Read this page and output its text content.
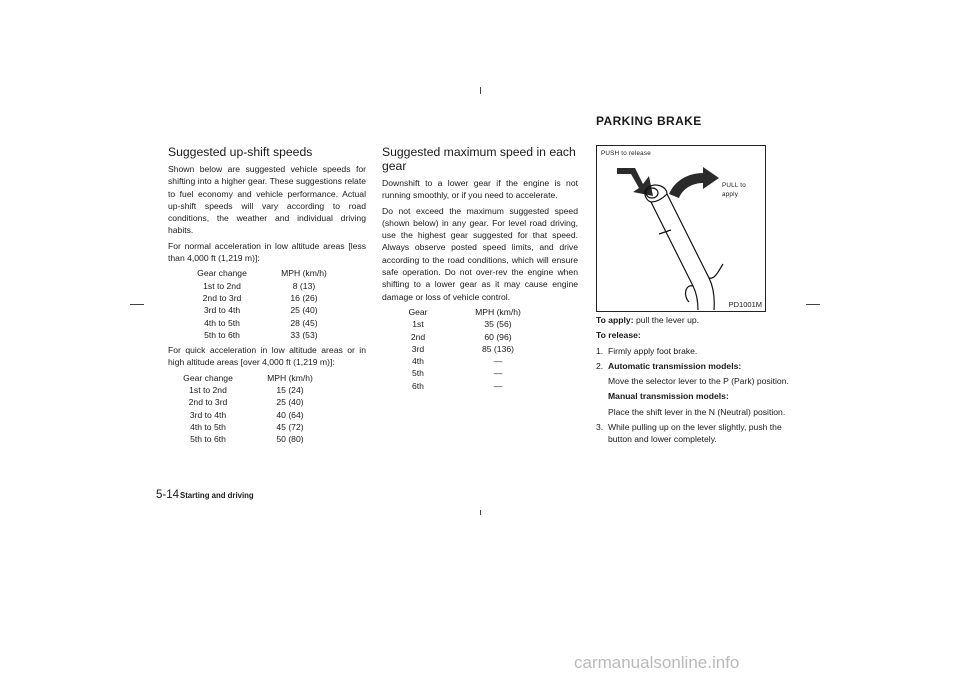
Suggested up-shift speeds

Shown below are suggested vehicle speeds for shifting into a higher gear. These suggestions relate to fuel economy and vehicle performance. Actual up-shift speeds will vary according to road conditions, the weather and individual driving habits.

For normal acceleration in low altitude areas [less than 4,000 ft (1,219 m)]:

Gear change	MPH (km/h)
1st to 2nd	8 (13)
2nd to 3rd	16 (26)
3rd to 4th	25 (40)
4th to 5th	28 (45)
5th to 6th	33 (53)

For quick acceleration in low altitude areas or in high altitude areas [over 4,000 ft (1,219 m)]:

Gear change	MPH (km/h)
1st to 2nd	15 (24)
2nd to 3rd	25 (40)
3rd to 4th	40 (64)
4th to 5th	45 (72)
5th to 6th	50 (80)
Suggested maximum speed in each gear

Downshift to a lower gear if the engine is not running smoothly, or if you need to accelerate.

Do not exceed the maximum suggested speed (shown below) in any gear. For level road driving, use the highest gear suggested for that speed. Always observe posted speed limits, and drive according to the road conditions, which will ensure safe operation. Do not over-rev the engine when shifting to a lower gear as it may cause engine damage or loss of vehicle control.

Gear	MPH (km/h)
1st	35 (56)
2nd	60 (96)
3rd	85 (136)
4th	—
5th	—
6th	—
PARKING BRAKE
PUSH to release
PULL to
apply
PD1001M

To apply: pull the lever up.

To release:

1. Firmly apply foot brake.
2. Automatic transmission models:

Move the selector lever to the P (Park) position.

Manual transmission models:

Place the shift lever in the N (Neutral) position.

3. While pulling up on the lever slightly, push the button and lower completely.
5-14 Starting and driving
carmanualsonline.info
